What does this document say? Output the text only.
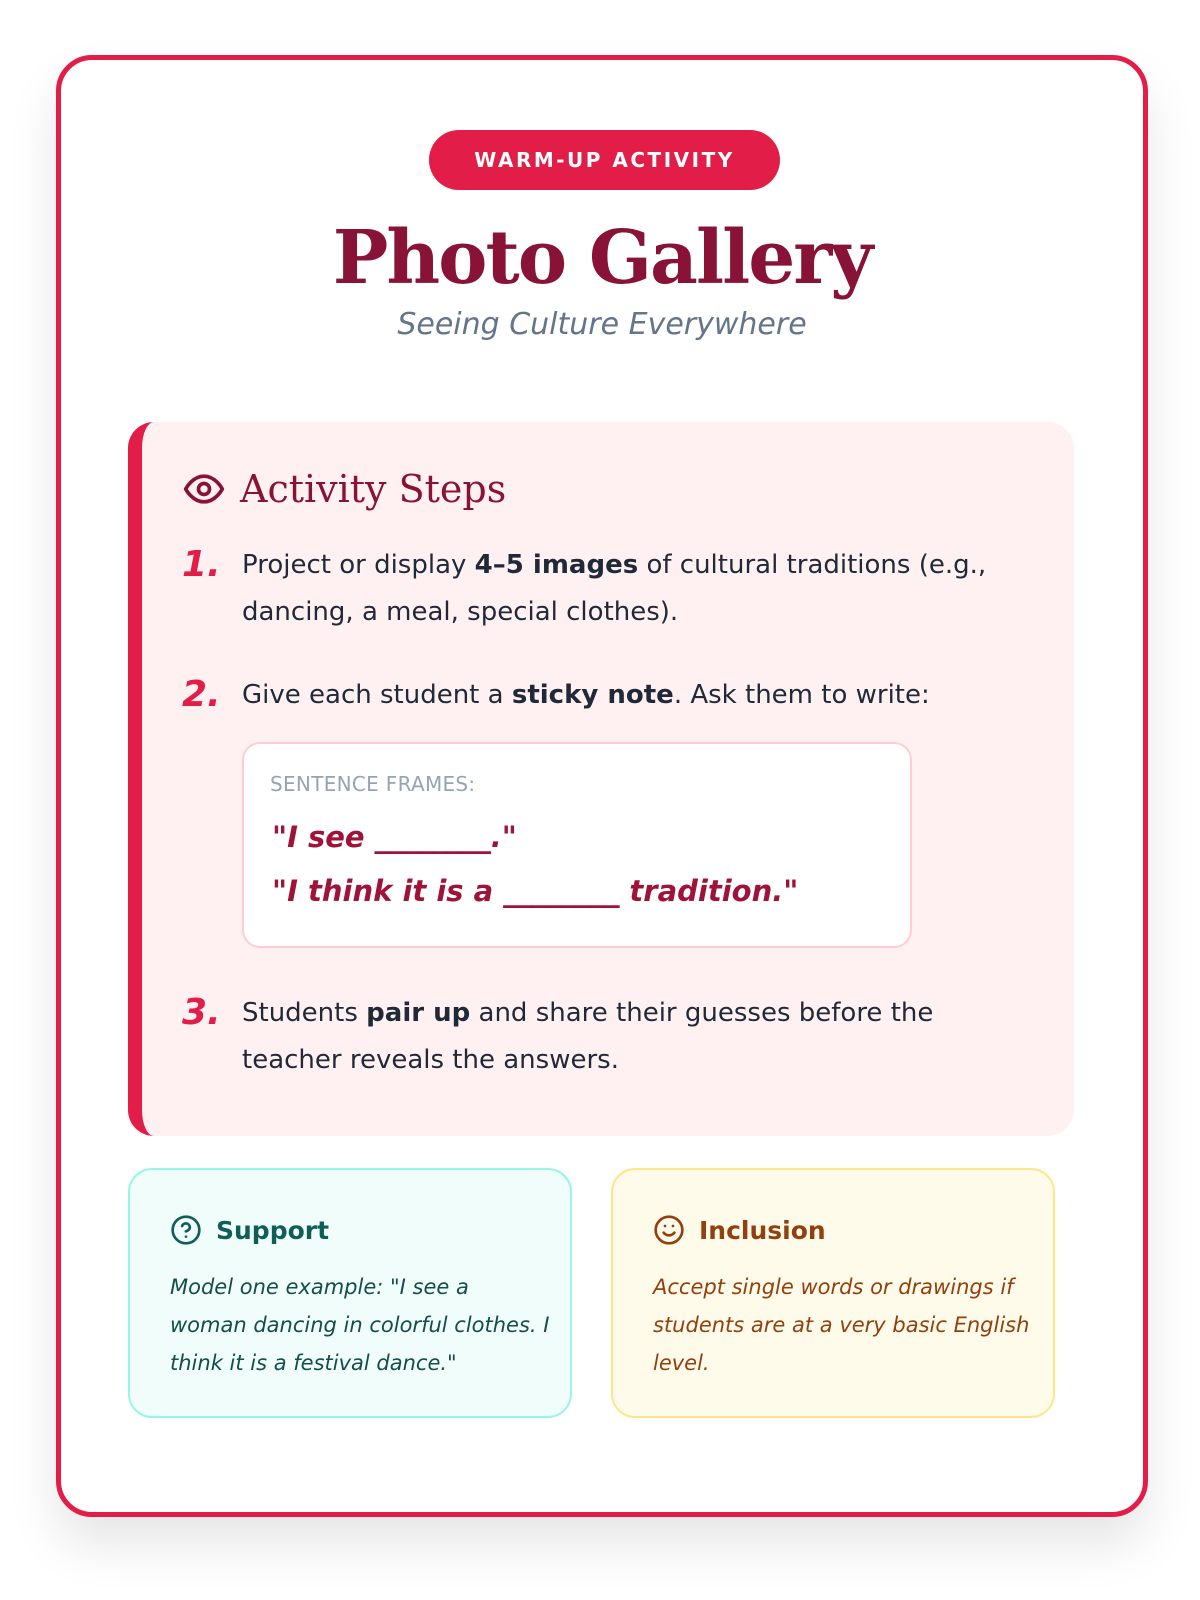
WARM-UP ACTIVITY
Photo Gallery
Seeing Culture Everywhere
Activity Steps
1. Project or display 4–5 images of cultural traditions (e.g., dancing, a meal, special clothes).
2. Give each student a sticky note. Ask them to write:
SENTENCE FRAMES:
"I see ________."
"I think it is a ________ tradition."
3. Students pair up and share their guesses before the teacher reveals the answers.
Support
Model one example: "I see a woman dancing in colorful clothes. I think it is a festival dance."
Inclusion
Accept single words or drawings if students are at a very basic English level.
